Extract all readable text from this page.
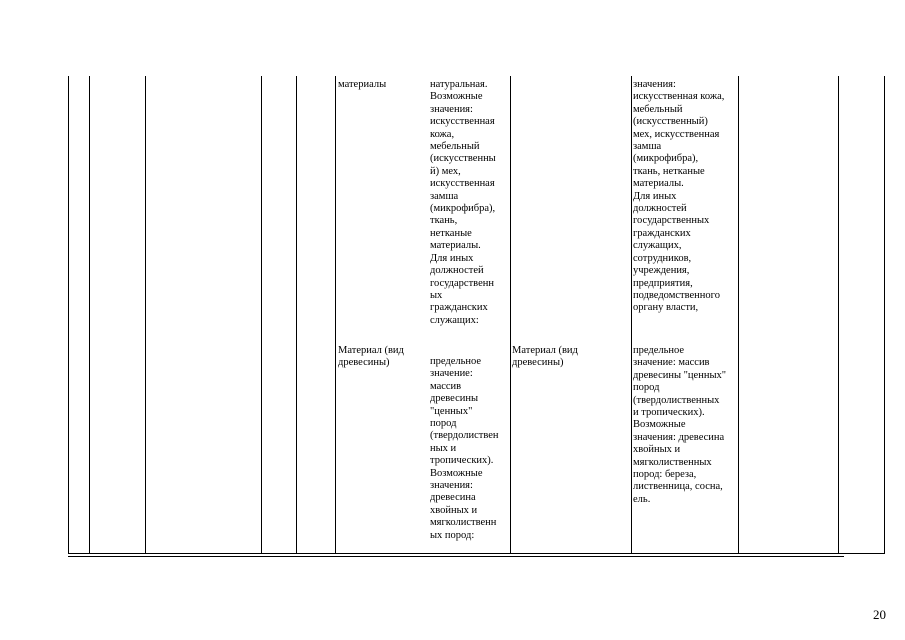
материалы	натуральная.
Возможные
значения:
искусственная
кожа,
мебельный
(искусственны
й) мех,
искусственная
замша
(микрофибра),
ткань,
нетканые
материалы.
Для иных
должностей
государственн
ых
гражданских
служащих:
значения:
искусственная кожа,
мебельный
(искусственный)
мех, искусственная
замша
(микрофибра),
ткань, нетканые
материалы.
Для иных
должностей
государственных
гражданских
служащих,
сотрудников,
учреждения,
предприятия,
подведомственного
органу власти,
Материал (вид
древесины)	предельное
значение:
массив
древесины
"ценных"
пород
(твердолиствен
ных и
тропических).
Возможные
значения:
древесина
хвойных и
мягколиственн
ых пород:
Материал (вид
древесины)
предельное
значение: массив
древесины "ценных"
пород
(твердолиственных
и тропических).
Возможные
значения: древесина
хвойных и
мягколиственных
пород: береза,
лиственница, сосна,
ель.
20
